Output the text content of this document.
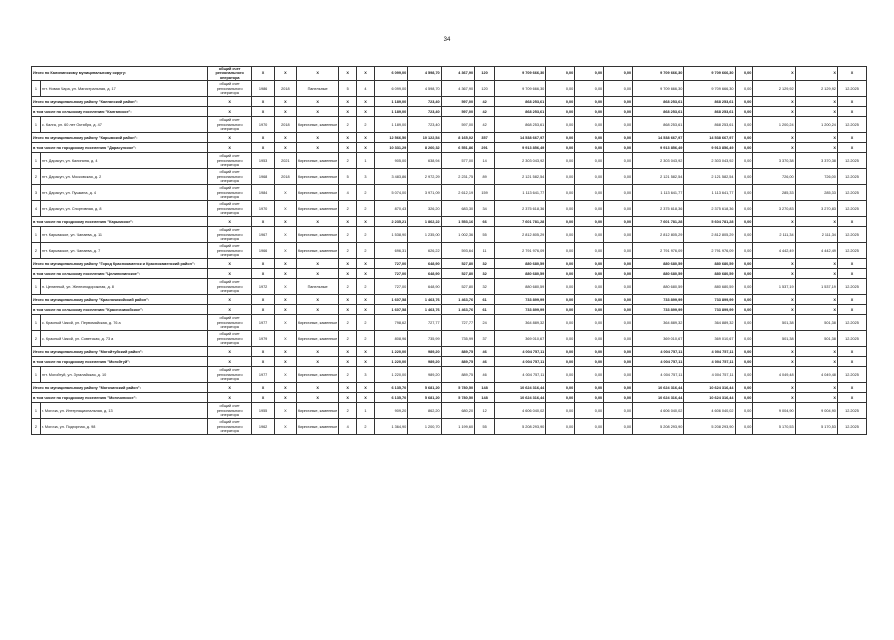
34
Итого по Калининскому муниципальному округу:		общий счет регионального оператора	Х	Х	Х	Х	Х	6 099,00	4 598,70	4 367,90	120	9 709 666,30	0,00	0,00	0,00	9 709 666,30	9 709 666,30	0,00	Х	Х	Х
1	пгт. Новая Чара, ул. Магистральная, д. 17	общий счет регионального оператора	1986	2018	Панельные	5	4	6 099,00	4 598,70	4 367,90	120	9 709 666,30	0,00	0,00	0,00	9 709 666,30	9 709 666,30	0,00	2 129,92	2 129,92	12.2025
Итого по муниципальному району "Калганский район":		Х	Х	Х	Х	Х	Х	1 189,00	723,40	597,00	42	868 253,61	0,00	0,00	0,00	868 253,61	868 253,61	0,00	Х	Х	Х
в том числе по сельскому поселению "Калганское":		Х	Х	Х	Х	Х	Х	1 189,00	723,40	597,00	42	868 253,61	0,00	0,00	0,00	868 253,61	868 253,61	0,00	Х	Х	Х
1	с. Калга, ул. 60 лет Октября, д. 47	общий счет регионального оператора	1970	2018	Кирпичные, каменные	2	2	1 189,00	723,40	597,00	42	868 253,61	0,00	0,00	0,00	868 253,61	868 253,61	0,00	1 200,24	1 200,24	12.2025
Итого по муниципальному району "Карымский район":		Х	Х	Х	Х	Х	Х	12 566,50	10 122,54	8 165,02	357	14 538 667,97	0,00	0,00	0,00	14 538 667,97	14 538 667,97	0,00	Х	Х	Х
в том числе по городскому поселению "Дарасунское":		Х	Х	Х	Х	Х	Х	10 331,29	8 260,32	6 551,86	291	9 913 856,49	0,00	0,00	0,00	9 913 856,49	9 913 856,49	0,00	Х	Х	Х
1	пгт. Дарасун, ул. Калинина, д. 4	общий счет регионального оператора	1953	2021	Кирпичные, каменные	2	1	905,00	638,94	577,00	14	2 303 043,92	0,00	0,00	0,00	2 303 043,92	2 303 043,92	0,00	3 370,38	3 370,38	12.2025
2	пгт. Дарасун, ул. Московская, д. 2	общий счет регионального оператора	1968	2018	Кирпичные, каменные	5	3	3 483,86	2 972,29	2 231,75	89	2 121 582,54	0,00	0,00	0,00	2 121 582,54	2 121 582,54	0,00	726,00	726,00	12.2025
3	пгт. Дарасун, ул. Пушкина, д. 4	общий счет регионального оператора	1984	Х	Кирпичные, каменные	4	2	5 074,00	3 971,09	2 612,19	159	1 113 641,77	0,00	0,00	0,00	1 113 641,77	1 113 641,77	0,00	285,33	285,33	12.2025
4	пгт. Дарасун, ул. Спортивная, д. 8	общий счет регионального оператора	1970	Х	Кирпичные, каменные	2	2	870,43	326,20	683,30	34	2 375 618,36	0,00	0,00	0,00	2 375 618,36	2 375 618,36	0,00	3 270,83	3 270,83	12.2025
в том числе по городскому поселению "Карымское":		Х	Х	Х	Х	Х	Х	2 235,21	1 862,22	1 553,16	66	7 601 781,28	0,00	0,00	0,00	7 601 781,28	5 604 781,28	0,00	Х	Х	Х
1	пгт. Карымское, ул. Чапаева, д. 11	общий счет регионального оператора	1967	Х	Кирпичные, каменные	2	2	1 538,90	1 235,00	1 002,36	55	2 812 805,29	0,00	0,00	0,00	2 812 805,29	2 812 805,29	0,00	2 111,34	2 111,34	12.2025
2	пгт. Карымское, ул. Чапаева, д. 7	общий счет регионального оператора	1966	Х	Кирпичные, каменные	2	2	696,31	626,22	593,64	11	2 791 976,09	0,00	0,00	0,00	2 791 976,09	2 791 976,09	0,00	4 442,49	4 442,49	12.2025
Итого по муниципальному району "Город Краснокаменск и Краснокаменский район":		Х	Х	Х	Х	Х	Х	727,00	648,90	527,80	32	880 680,59	0,00	0,00	0,00	880 680,59	880 680,59	0,00	Х	Х	Х
в том числе по сельскому поселению "Целинининское":		Х	Х	Х	Х	Х	Х	727,00	648,90	527,80	32	880 680,59	0,00	0,00	0,00	880 680,59	880 680,59	0,00	Х	Х	Х
1	п. Целинный, ул. Железнодорожная, д. 8	общий счет регионального оператора	1972	Х	Панельные	2	2	727,00	648,90	527,80	32	880 680,59	0,00	0,00	0,00	880 680,59	880 680,59	0,00	1 537,19	1 537,19	12.2025
Итого по муниципальному району "Красночикойский район":		Х	Х	Х	Х	Х	Х	1 607,58	1 463,76	1 463,76	61	733 899,99	0,00	0,00	0,00	733 899,99	733 899,99	0,00	Х	Х	Х
в том числе по сельскому поселению "Красночикойское":		Х	Х	Х	Х	Х	Х	1 607,58	1 463,76	1 463,76	61	733 899,99	0,00	0,00	0,00	733 899,99	733 899,99	0,00	Х	Х	Х
1	с. Красный Чикой, ул. Первомайская, д. 76 а	общий счет регионального оператора	1977	Х	Кирпичные, каменные	2	2	798,62	727,77	727,77	24	364 889,32	0,00	0,00	0,00	364 889,32	364 889,32	0,00	501,38	501,38	12.2025
2	с. Красный Чикой, ул. Советская, д. 73 а	общий счет регионального оператора	1979	Х	Кирпичные, каменные	2	2	808,96	735,99	735,99	37	369 010,67	0,00	0,00	0,00	369 010,67	369 010,67	0,00	501,38	501,38	12.2025
Итого по муниципальному району "Могойтуйский район":		Х	Х	Х	Х	Х	Х	1 220,00	989,20	889,75	46	4 004 757,11	0,00	0,00	0,00	4 004 757,11	4 004 757,11	0,00	Х	Х	Х
в том числе по городскому поселению "Могойтуй":		Х	Х	Х	Х	Х	Х	1 220,00	989,20	889,75	46	4 004 757,11	0,00	0,00	0,00	4 004 757,11	4 004 757,11	0,00	Х	Х	Х
1	пгт. Могойтуй, ул. Зугалайская, д. 10	общий счет регионального оператора	1977	Х	Кирпичные, каменные	2	3	1 220,00	989,20	889,75	46	4 004 757,11	0,00	0,00	0,00	4 004 757,11	4 004 757,11	0,00	4 049,48	4 049,48	12.2025
Итого по муниципальному району "Могочинский район":		Х	Х	Х	Х	Х	Х	6 135,70	5 681,20	5 780,50	148	10 624 316,44	0,00	0,00	0,00	10 624 316,44	10 624 316,44	0,00	Х	Х	Х
в том числе по городскому поселению "Могочинское":		Х	Х	Х	Х	Х	Х	6 135,70	5 681,20	5 780,50	148	10 624 316,44	0,00	0,00	0,00	10 624 316,44	10 624 316,44	0,00	Х	Х	Х
1	г. Могоча, ул. Интернациональная, д. 13	общий счет регионального оператора	1955	Х	Кирпичные, каменные	2	1	909,20	862,20	680,20	12	4 606 040,02	0,00	0,00	0,00	4 606 040,02	4 606 040,02	0,00	9 004,90	9 004,90	12.2025
2	г. Могоча, ул. Подгорная, д. 98	общий счет регионального оператора	1962	Х	Кирпичные, каменные	4	2	1 364,90	1 200,70	1 199,60	55	5 208 293,90	0,00	0,00	0,00	5 208 293,90	5 208 293,90	0,00	5 170,53	5 170,53	12.2025
